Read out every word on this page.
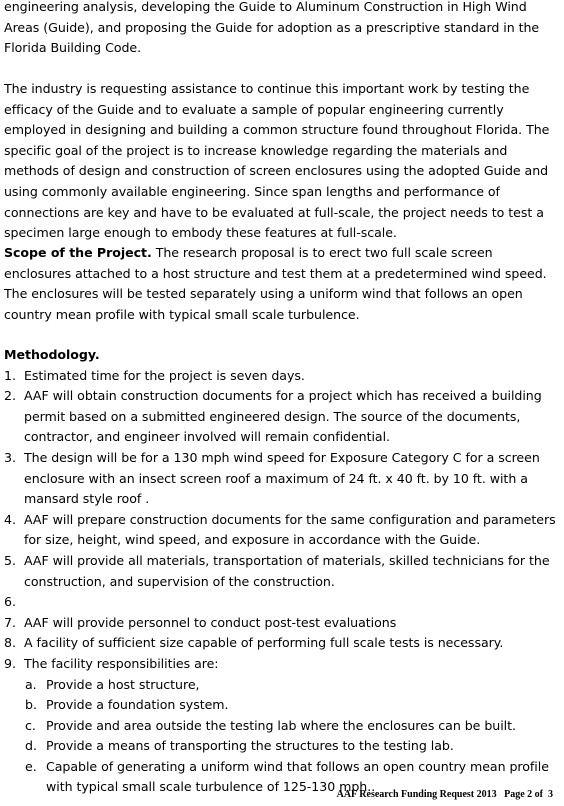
engineering analysis, developing the Guide to Aluminum Construction in High Wind Areas (Guide), and proposing the Guide for adoption as a prescriptive standard in the Florida Building Code.

The industry is requesting assistance to continue this important work by testing the efficacy of the Guide and to evaluate a sample of popular engineering currently employed in designing and building a common structure found throughout Florida. The specific goal of the project is to increase knowledge regarding the materials and methods of design and construction of screen enclosures using the adopted Guide and using commonly available engineering. Since span lengths and performance of connections are key and have to be evaluated at full-scale, the project needs to test a specimen large enough to embody these features at full-scale.

Scope of the Project. The research proposal is to erect two full scale screen enclosures attached to a host structure and test them at a predetermined wind speed. The enclosures will be tested separately using a uniform wind that follows an open country mean profile with typical small scale turbulence.

Methodology.

1. Estimated time for the project is seven days.
2. AAF will obtain construction documents for a project which has received a building permit based on a submitted engineered design. The source of the documents, contractor, and engineer involved will remain confidential.
3. The design will be for a 130 mph wind speed for Exposure Category C for a screen enclosure with an insect screen roof a maximum of 24 ft. x 40 ft. by 10 ft. with a mansard style roof .
4. AAF will prepare construction documents for the same configuration and parameters for size, height, wind speed, and exposure in accordance with the Guide.
5. AAF will provide all materials, transportation of materials, skilled technicians for the construction, and supervision of the construction.
6.
7. AAF will provide personnel to conduct post-test evaluations
8. A facility of sufficient size capable of performing full scale tests is necessary.
9. The facility responsibilities are:
a. Provide a host structure,
b. Provide a foundation system.
c. Provide and area outside the testing lab where the enclosures can be built.
d. Provide a means of transporting the structures to the testing lab.
e. Capable of generating a uniform wind that follows an open country mean profile with typical small scale turbulence of 125-130 mph..
AAF Research Funding Request 2013   Page 2 of  3
